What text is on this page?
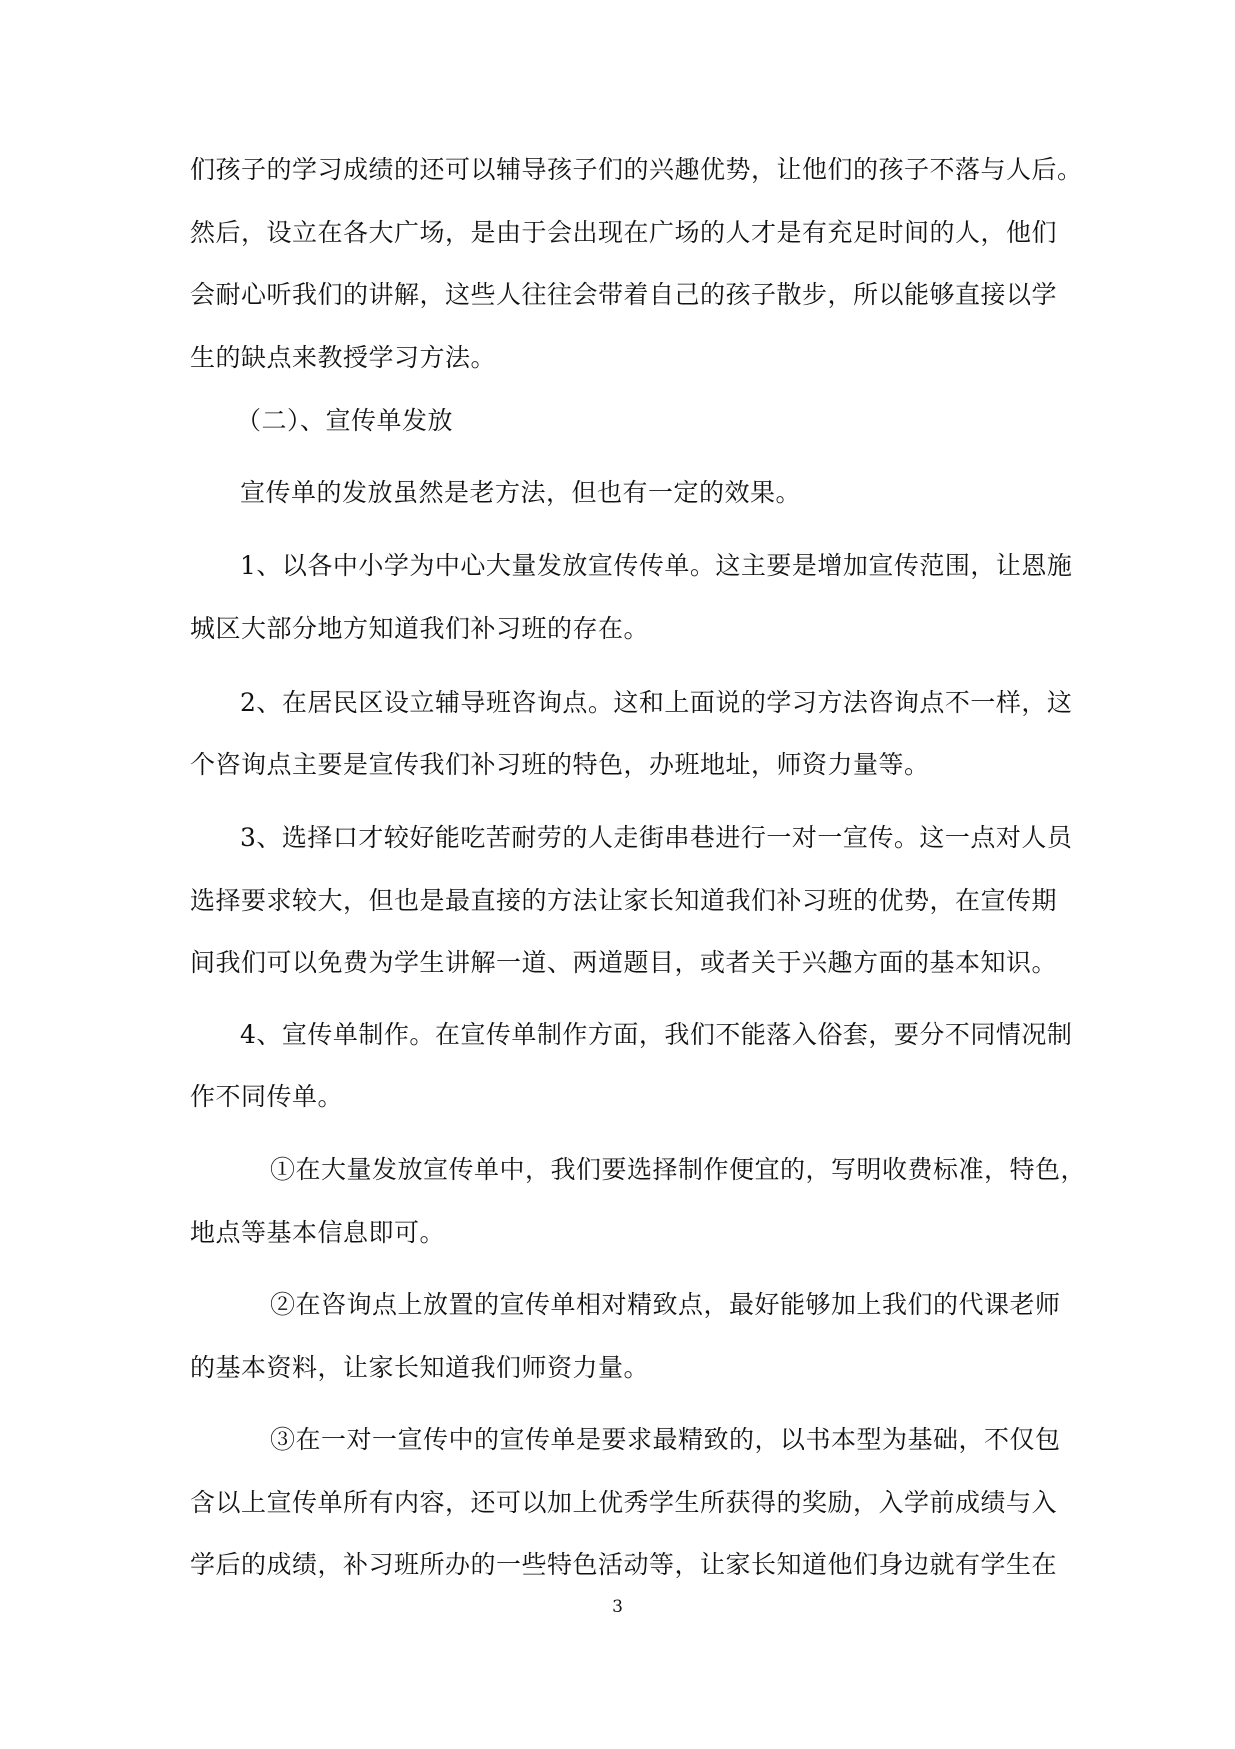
们孩子的学习成绩的还可以辅导孩子们的兴趣优势，让他们的孩子不落与人后。
然后，设立在各大广场，是由于会出现在广场的人才是有充足时间的人，他们
会耐心听我们的讲解，这些人往往会带着自己的孩子散步，所以能够直接以学
生的缺点来教授学习方法。
（二）、宣传单发放
宣传单的发放虽然是老方法，但也有一定的效果。
1、以各中小学为中心大量发放宣传传单。这主要是增加宣传范围，让恩施
城区大部分地方知道我们补习班的存在。
2、在居民区设立辅导班咨询点。这和上面说的学习方法咨询点不一样，这
个咨询点主要是宣传我们补习班的特色，办班地址，师资力量等。
3、选择口才较好能吃苦耐劳的人走街串巷进行一对一宣传。这一点对人员
选择要求较大，但也是最直接的方法让家长知道我们补习班的优势，在宣传期
间我们可以免费为学生讲解一道、两道题目，或者关于兴趣方面的基本知识。
4、宣传单制作。在宣传单制作方面，我们不能落入俗套，要分不同情况制
作不同传单。
①在大量发放宣传单中，我们要选择制作便宜的，写明收费标准，特色，
地点等基本信息即可。
②在咨询点上放置的宣传单相对精致点，最好能够加上我们的代课老师
的基本资料，让家长知道我们师资力量。
③在一对一宣传中的宣传单是要求最精致的，以书本型为基础，不仅包
含以上宣传单所有内容，还可以加上优秀学生所获得的奖励，入学前成绩与入
学后的成绩，补习班所办的一些特色活动等，让家长知道他们身边就有学生在
3
